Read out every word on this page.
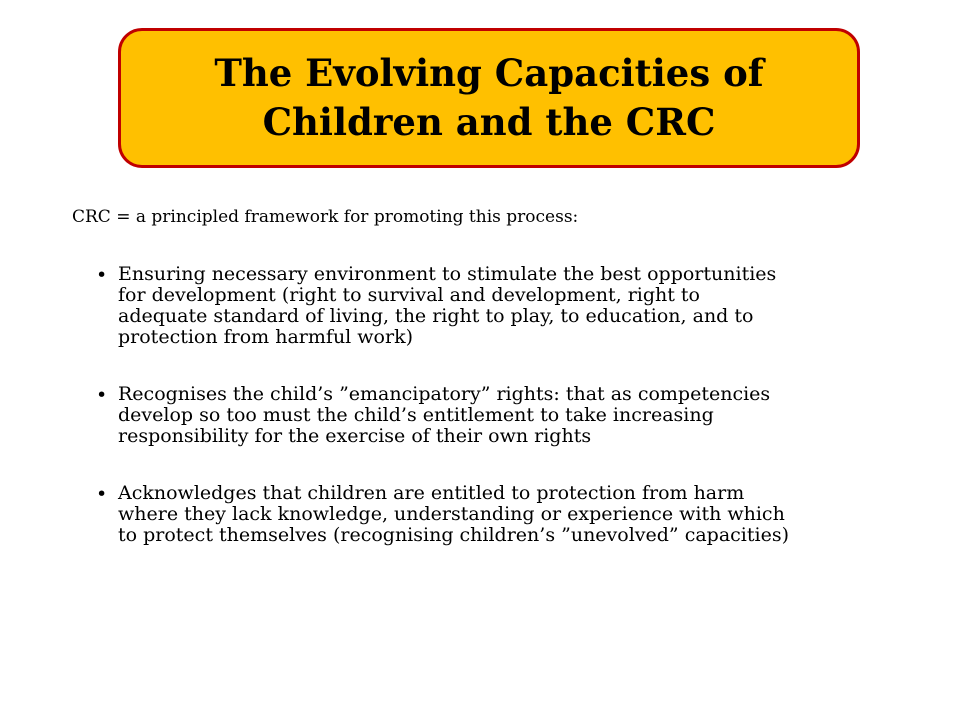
The Evolving Capacities of
Children and the CRC
CRC = a principled framework for promoting this process:
• Ensuring necessary environment to stimulate the best opportunities
for development (right to survival and development, right to
adequate standard of living, the right to play, to education, and to
protection from harmful work)
• Recognises the child’s ”emancipatory” rights: that as competencies
develop so too must the child’s entitlement to take increasing
responsibility for the exercise of their own rights
• Acknowledges that children are entitled to protection from harm
where they lack knowledge, understanding or experience with which
to protect themselves (recognising children’s ”unevolved” capacities)
